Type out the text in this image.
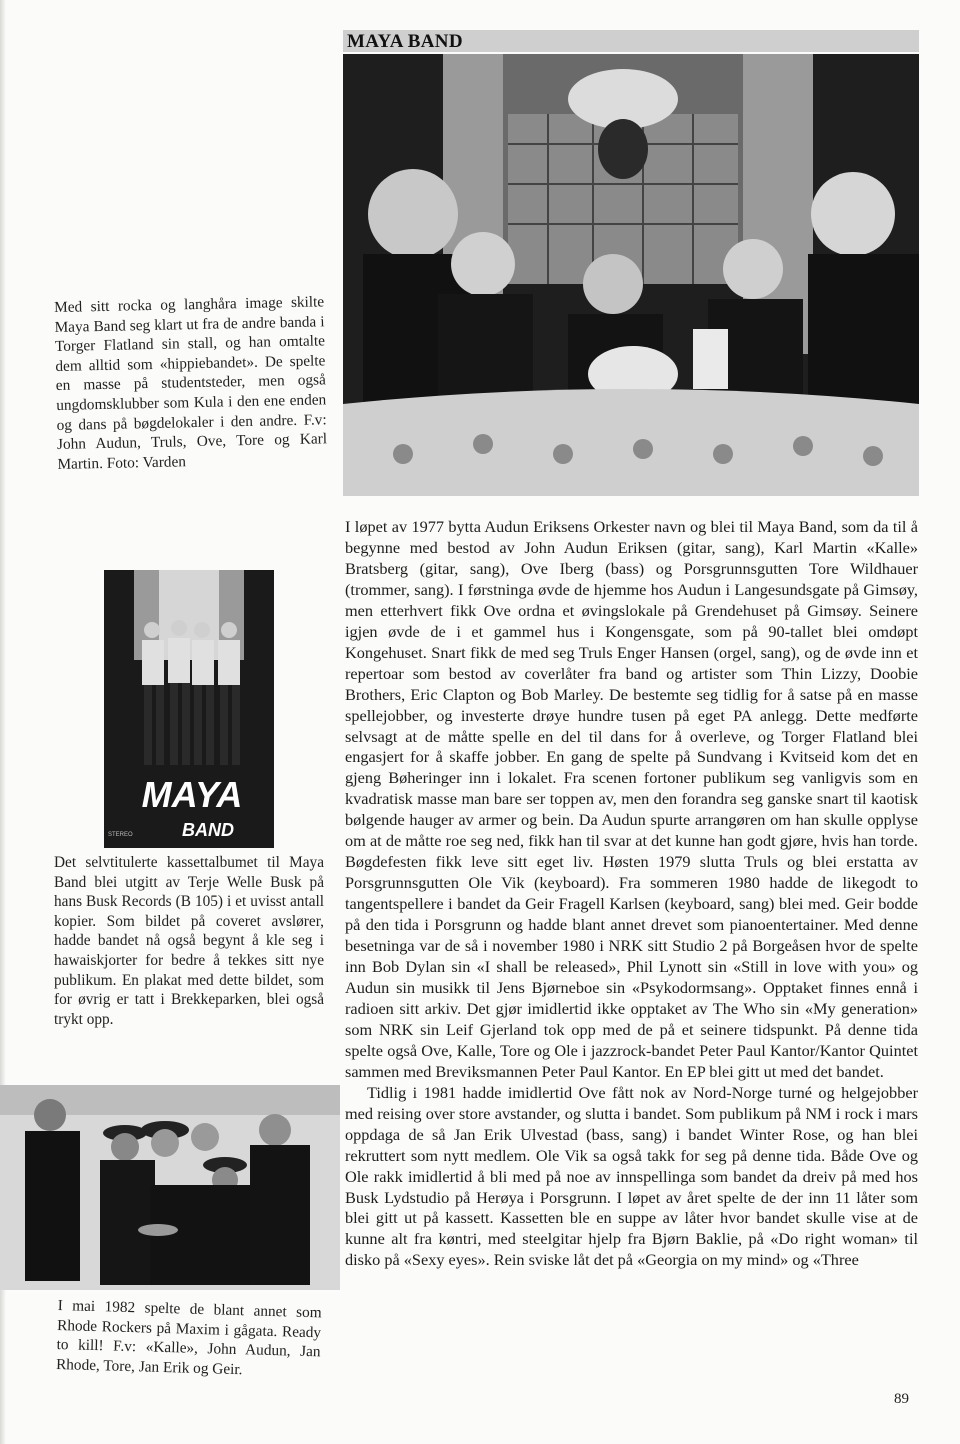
MAYA BAND
Med sitt rocka og langhåra image skilte Maya Band seg klart ut fra de andre banda i Torger Flatland sin stall, og han omtalte dem alltid som «hippiebandet». De spelte en masse på studentsteder, men også ungdomsklubber som Kula i den ene enden og dans på bøgdelokaler i den andre. F.v: John Audun, Truls, Ove, Tore og Karl Martin. Foto: Varden
MAYA
BAND
STEREO
Det selvtitulerte kassettalbumet til Maya Band blei utgitt av Terje Welle Busk på hans Busk Records (B 105) i et uvisst antall kopier. Som bildet på coveret avslører, hadde bandet nå også begynt å kle seg i hawaiskjorter for bedre å tekkes sitt nye publikum. En plakat med dette bildet, som for øvrig er tatt i Brekkeparken, blei også trykt opp.
I mai 1982 spelte de blant annet som Rhode Rockers på Maxim i gågata. Ready to kill! F.v: «Kalle», John Audun, Jan Rhode, Tore, Jan Erik og Geir.

I løpet av 1977 bytta Audun Eriksens Orkester navn og blei til Maya Band, som da til å begynne med bestod av John Audun Eriksen (gitar, sang), Karl Martin «Kalle» Bratsberg (gitar, sang), Ove Iberg (bass) og Porsgrunnsgutten Tore Wildhauer (trommer, sang). I førstninga øvde de hjemme hos Audun i Langesundsgate på Gimsøy, men etterhvert fikk Ove ordna et øvingslokale på Grendehuset på Gimsøy. Seinere igjen øvde de i et gammel hus i Kongensgate, som på 90-tallet blei omdøpt Kongehuset. Snart fikk de med seg Truls Enger Hansen (orgel, sang), og de øvde inn et repertoar som bestod av coverlåter fra band og artister som Thin Lizzy, Doobie Brothers, Eric Clapton og Bob Marley. De bestemte seg tidlig for å satse på en masse spellejobber, og investerte drøye hundre tusen på eget PA anlegg. Dette medførte selvsagt at de måtte spelle en del til dans for å overleve, og Torger Flatland blei engasjert for å skaffe jobber. En gang de spelte på Sundvang i Kvitseid kom det en gjeng Bøheringer inn i lokalet. Fra scenen fortoner publikum seg vanligvis som en kvadratisk masse man bare ser toppen av, men den forandra seg ganske snart til kaotisk bølgende hauger av armer og bein. Da Audun spurte arrangøren om han skulle opplyse om at de måtte roe seg ned, fikk han til svar at det kunne han godt gjøre, hvis han torde. Bøgdefesten fikk leve sitt eget liv. Høsten 1979 slutta Truls og blei erstatta av Porsgrunnsgutten Ole Vik (keyboard). Fra sommeren 1980 hadde de likegodt to tangentspellere i bandet da Geir Fragell Karlsen (keyboard, sang) blei med. Geir bodde på den tida i Porsgrunn og hadde blant annet drevet som pianoentertainer. Med denne besetninga var de så i november 1980 i NRK sitt Studio 2 på Borgeåsen hvor de spelte inn Bob Dylan sin «I shall be released», Phil Lynott sin «Still in love with you» og Audun sin musikk til Jens Bjørneboe sin «Psykodormsang». Opptaket finnes ennå i radioen sitt arkiv. Det gjør imidlertid ikke opptaket av The Who sin «My generation» som NRK sin Leif Gjerland tok opp med de på et seinere tidspunkt. På denne tida spelte også Ove, Kalle, Tore og Ole i jazzrock-bandet Peter Paul Kantor/Kantor Quintet sammen med Breviksmannen Peter Paul Kantor. En EP blei gitt ut med det bandet.

Tidlig i 1981 hadde imidlertid Ove fått nok av Nord-Norge turné og helgejobber med reising over store avstander, og slutta i bandet. Som publikum på NM i rock i mars oppdaga de så Jan Erik Ulvestad (bass, sang) i bandet Winter Rose, og han blei rekruttert som nytt medlem. Ole Vik sa også takk for seg på denne tida. Både Ove og Ole rakk imidlertid å bli med på noe av innspellinga som bandet da dreiv på med hos Busk Lydstudio på Herøya i Porsgrunn. I løpet av året spelte de der inn 11 låter som blei gitt ut på kassett. Kassetten ble en suppe av låter hvor bandet skulle vise at de kunne alt fra køntri, med steelgitar hjelp fra Bjørn Baklie, på «Do right woman» til disko på «Sexy eyes». Rein sviske låt det på «Georgia on my mind» og «Three

89
